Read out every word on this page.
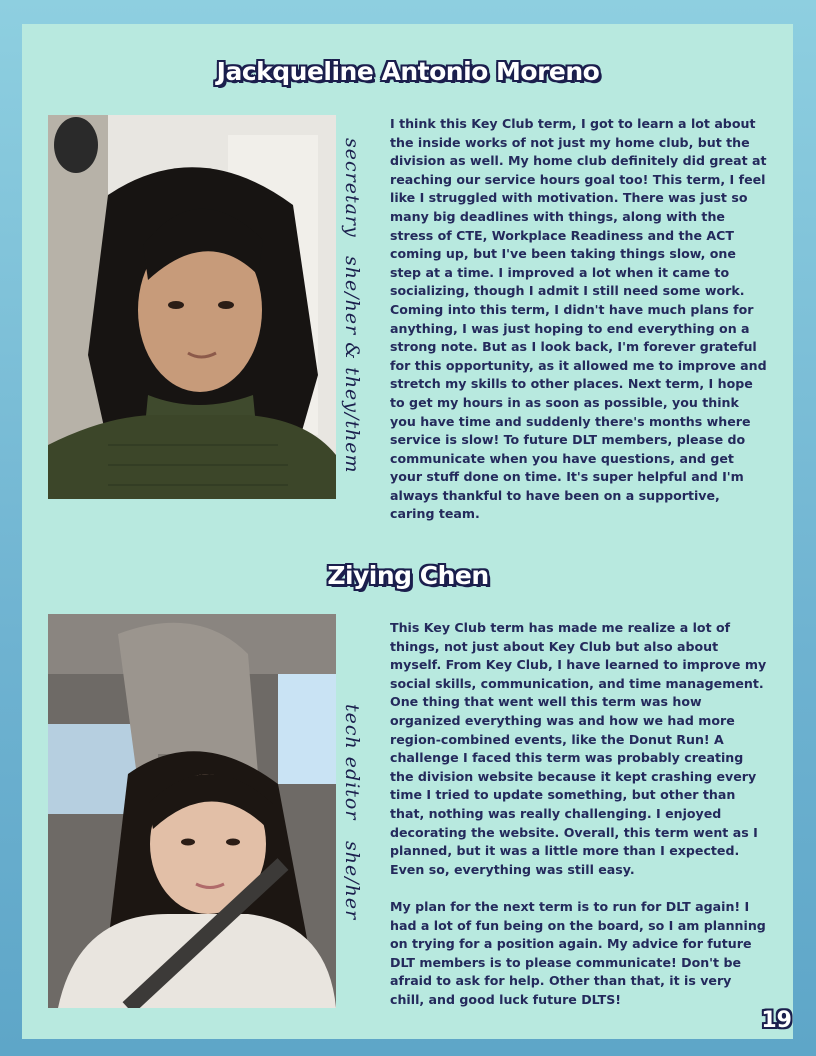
Jackqueline Antonio Moreno
secretary
she/her & they/them

I think this Key Club term, I got to learn a lot about the inside works of not just my home club, but the division as well. My home club definitely did great at reaching our service hours goal too! This term, I feel like I struggled with motivation. There was just so many big deadlines with things, along with the stress of CTE, Workplace Readiness and the ACT coming up, but I've been taking things slow, one step at a time. I improved a lot when it came to socializing, though I admit I still need some work. Coming into this term, I didn't have much plans for anything, I was just hoping to end everything on a strong note. But as I look back, I'm forever grateful for this opportunity, as it allowed me to improve and stretch my skills to other places. Next term, I hope to get my hours in as soon as possible, you think you have time and suddenly there's months where service is slow! To future DLT members, please do communicate when you have questions, and get your stuff done on time. It's super helpful and I'm always thankful to have been on a supportive, caring team.

Ziying Chen
tech editor
she/her

This Key Club term has made me realize a lot of things, not just about Key Club but also about myself. From Key Club, I have learned to improve my social skills, communication, and time management. One thing that went well this term was how organized everything was and how we had more region-combined events, like the Donut Run! A challenge I faced this term was probably creating the division website because it kept crashing every time I tried to update something, but other than that, nothing was really challenging. I enjoyed decorating the website. Overall, this term went as I planned, but it was a little more than I expected. Even so, everything was still easy.

My plan for the next term is to run for DLT again! I had a lot of fun being on the board, so I am planning on trying for a position again. My advice for future DLT members is to please communicate! Don't be afraid to ask for help. Other than that, it is very chill, and good luck future DLTS!

19
